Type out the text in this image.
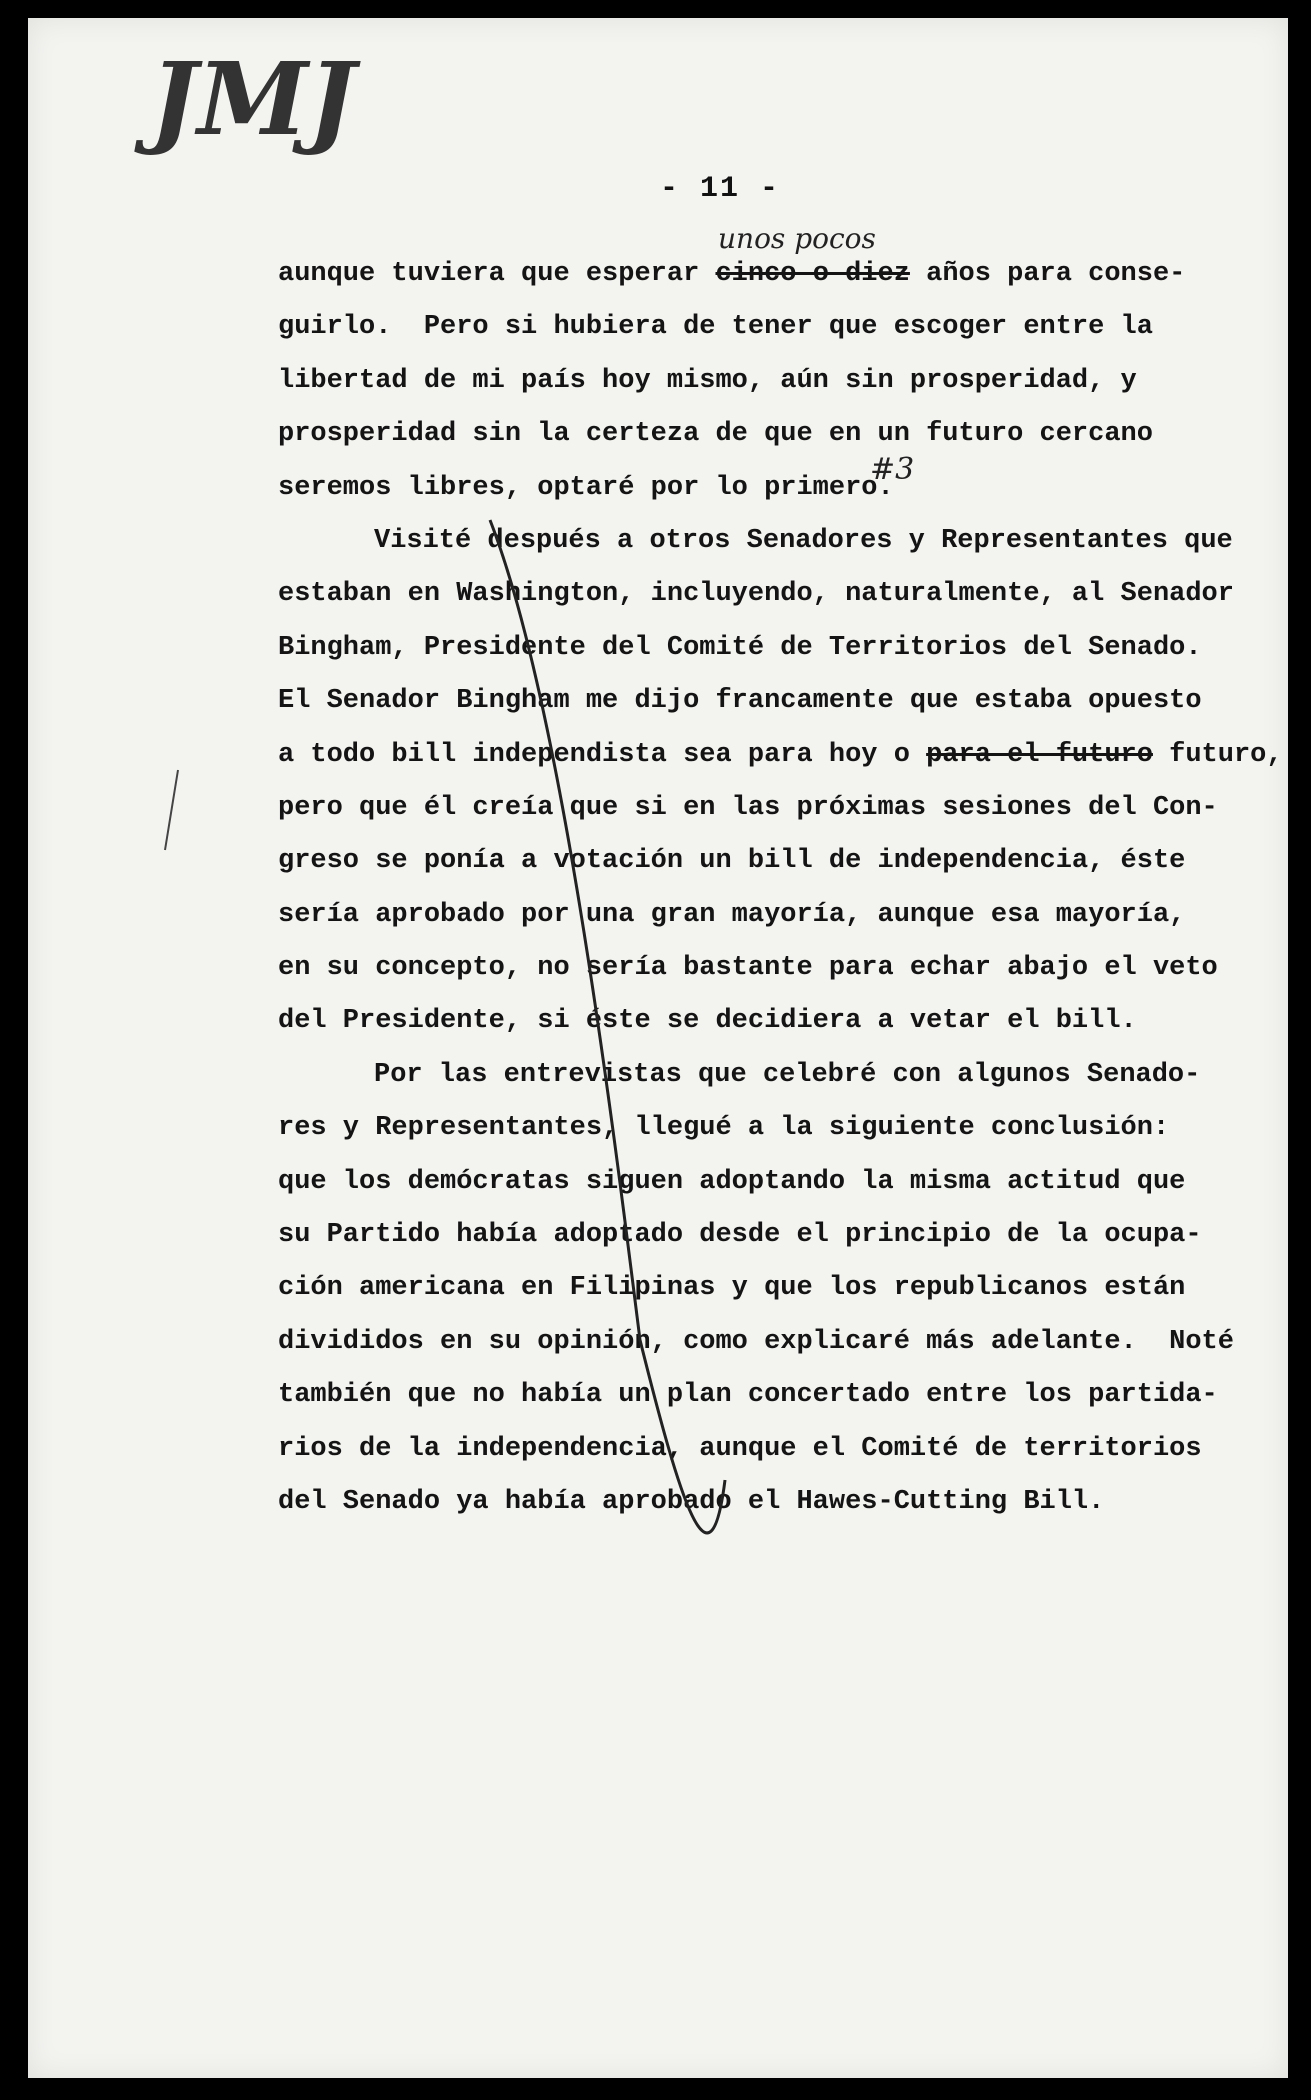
JMJ
- 11 -
unos pocos
#3
aunque tuviera que esperar cinco o diez años para conse-
guirlo.  Pero si hubiera de tener que escoger entre la
libertad de mi país hoy mismo, aún sin prosperidad, y
prosperidad sin la certeza de que en un futuro cercano
seremos libres, optaré por lo primero.
Visité después a otros Senadores y Representantes que
estaban en Washington, incluyendo, naturalmente, al Senador
Bingham, Presidente del Comité de Territorios del Senado.
El Senador Bingham me dijo francamente que estaba opuesto
a todo bill independista sea para hoy o para el futuro futuro,
pero que él creía que si en las próximas sesiones del Con-
greso se ponía a votación un bill de independencia, éste
sería aprobado por una gran mayoría, aunque esa mayoría,
en su concepto, no sería bastante para echar abajo el veto
del Presidente, si éste se decidiera a vetar el bill.
Por las entrevistas que celebré con algunos Senado-
res y Representantes, llegué a la siguiente conclusión:
que los demócratas siguen adoptando la misma actitud que
su Partido había adoptado desde el principio de la ocupa-
ción americana en Filipinas y que los republicanos están
divididos en su opinión, como explicaré más adelante.  Noté
también que no había un plan concertado entre los partida-
rios de la independencia, aunque el Comité de territorios
del Senado ya había aprobado el Hawes-Cutting Bill.
